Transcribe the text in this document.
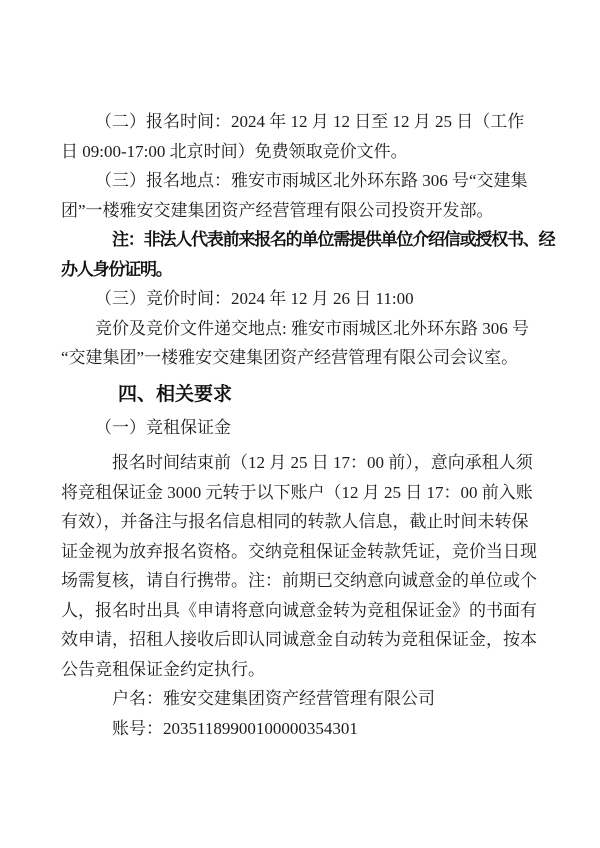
（二）报名时间：2024 年 12 月 12 日至 12 月 25 日（工作
日 09:00-17:00 北京时间）免费领取竞价文件。
（三）报名地点：雅安市雨城区北外环东路 306 号“交建集
团”一楼雅安交建集团资产经营管理有限公司投资开发部。
注：非法人代表前来报名的单位需提供单位介绍信或授权书、经
办人身份证明。
（三）竞价时间：2024 年 12 月 26 日 11:00
竞价及竞价文件递交地点: 雅安市雨城区北外环东路 306 号
“交建集团”一楼雅安交建集团资产经营管理有限公司会议室。
四、相关要求
（一）竞租保证金
报名时间结束前（12 月 25 日 17：00 前），意向承租人须
将竞租保证金 3000 元转于以下账户（12 月 25 日 17：00 前入账
有效），并备注与报名信息相同的转款人信息，截止时间未转保
证金视为放弃报名资格。交纳竞租保证金转款凭证，竞价当日现
场需复核，请自行携带。注：前期已交纳意向诚意金的单位或个
人，报名时出具《申请将意向诚意金转为竞租保证金》的书面有
效申请，招租人接收后即认同诚意金自动转为竞租保证金，按本
公告竞租保证金约定执行。
户名：雅安交建集团资产经营管理有限公司
账号：20351189900100000354301
